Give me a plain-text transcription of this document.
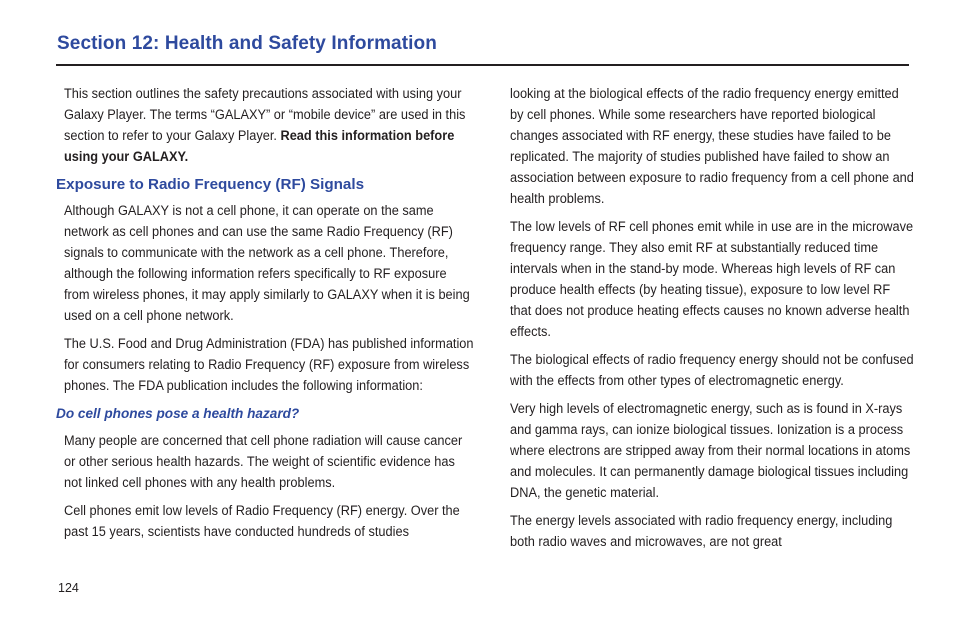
Section 12: Health and Safety Information

This section outlines the safety precautions associated with using your Galaxy Player. The terms “GALAXY” or “mobile device” are used in this section to refer to your Galaxy Player. Read this information before using your GALAXY.

Exposure to Radio Frequency (RF) Signals

Although GALAXY is not a cell phone, it can operate on the same network as cell phones and can use the same Radio Frequency (RF) signals to communicate with the network as a cell phone. Therefore, although the following information refers specifically to RF exposure from wireless phones, it may apply similarly to GALAXY when it is being used on a cell phone network.

The U.S. Food and Drug Administration (FDA) has published information for consumers relating to Radio Frequency (RF) exposure from wireless phones. The FDA publication includes the following information:

Do cell phones pose a health hazard?

Many people are concerned that cell phone radiation will cause cancer or other serious health hazards. The weight of scientific evidence has not linked cell phones with any health problems.

Cell phones emit low levels of Radio Frequency (RF) energy. Over the past 15 years, scientists have conducted hundreds of studies

looking at the biological effects of the radio frequency energy emitted by cell phones. While some researchers have reported biological changes associated with RF energy, these studies have failed to be replicated. The majority of studies published have failed to show an association between exposure to radio frequency from a cell phone and health problems.

The low levels of RF cell phones emit while in use are in the microwave frequency range. They also emit RF at substantially reduced time intervals when in the stand-by mode. Whereas high levels of RF can produce health effects (by heating tissue), exposure to low level RF that does not produce heating effects causes no known adverse health effects.

The biological effects of radio frequency energy should not be confused with the effects from other types of electromagnetic energy.

Very high levels of electromagnetic energy, such as is found in X-rays and gamma rays, can ionize biological tissues. Ionization is a process where electrons are stripped away from their normal locations in atoms and molecules. It can permanently damage biological tissues including DNA, the genetic material.

The energy levels associated with radio frequency energy, including both radio waves and microwaves, are not great

124
